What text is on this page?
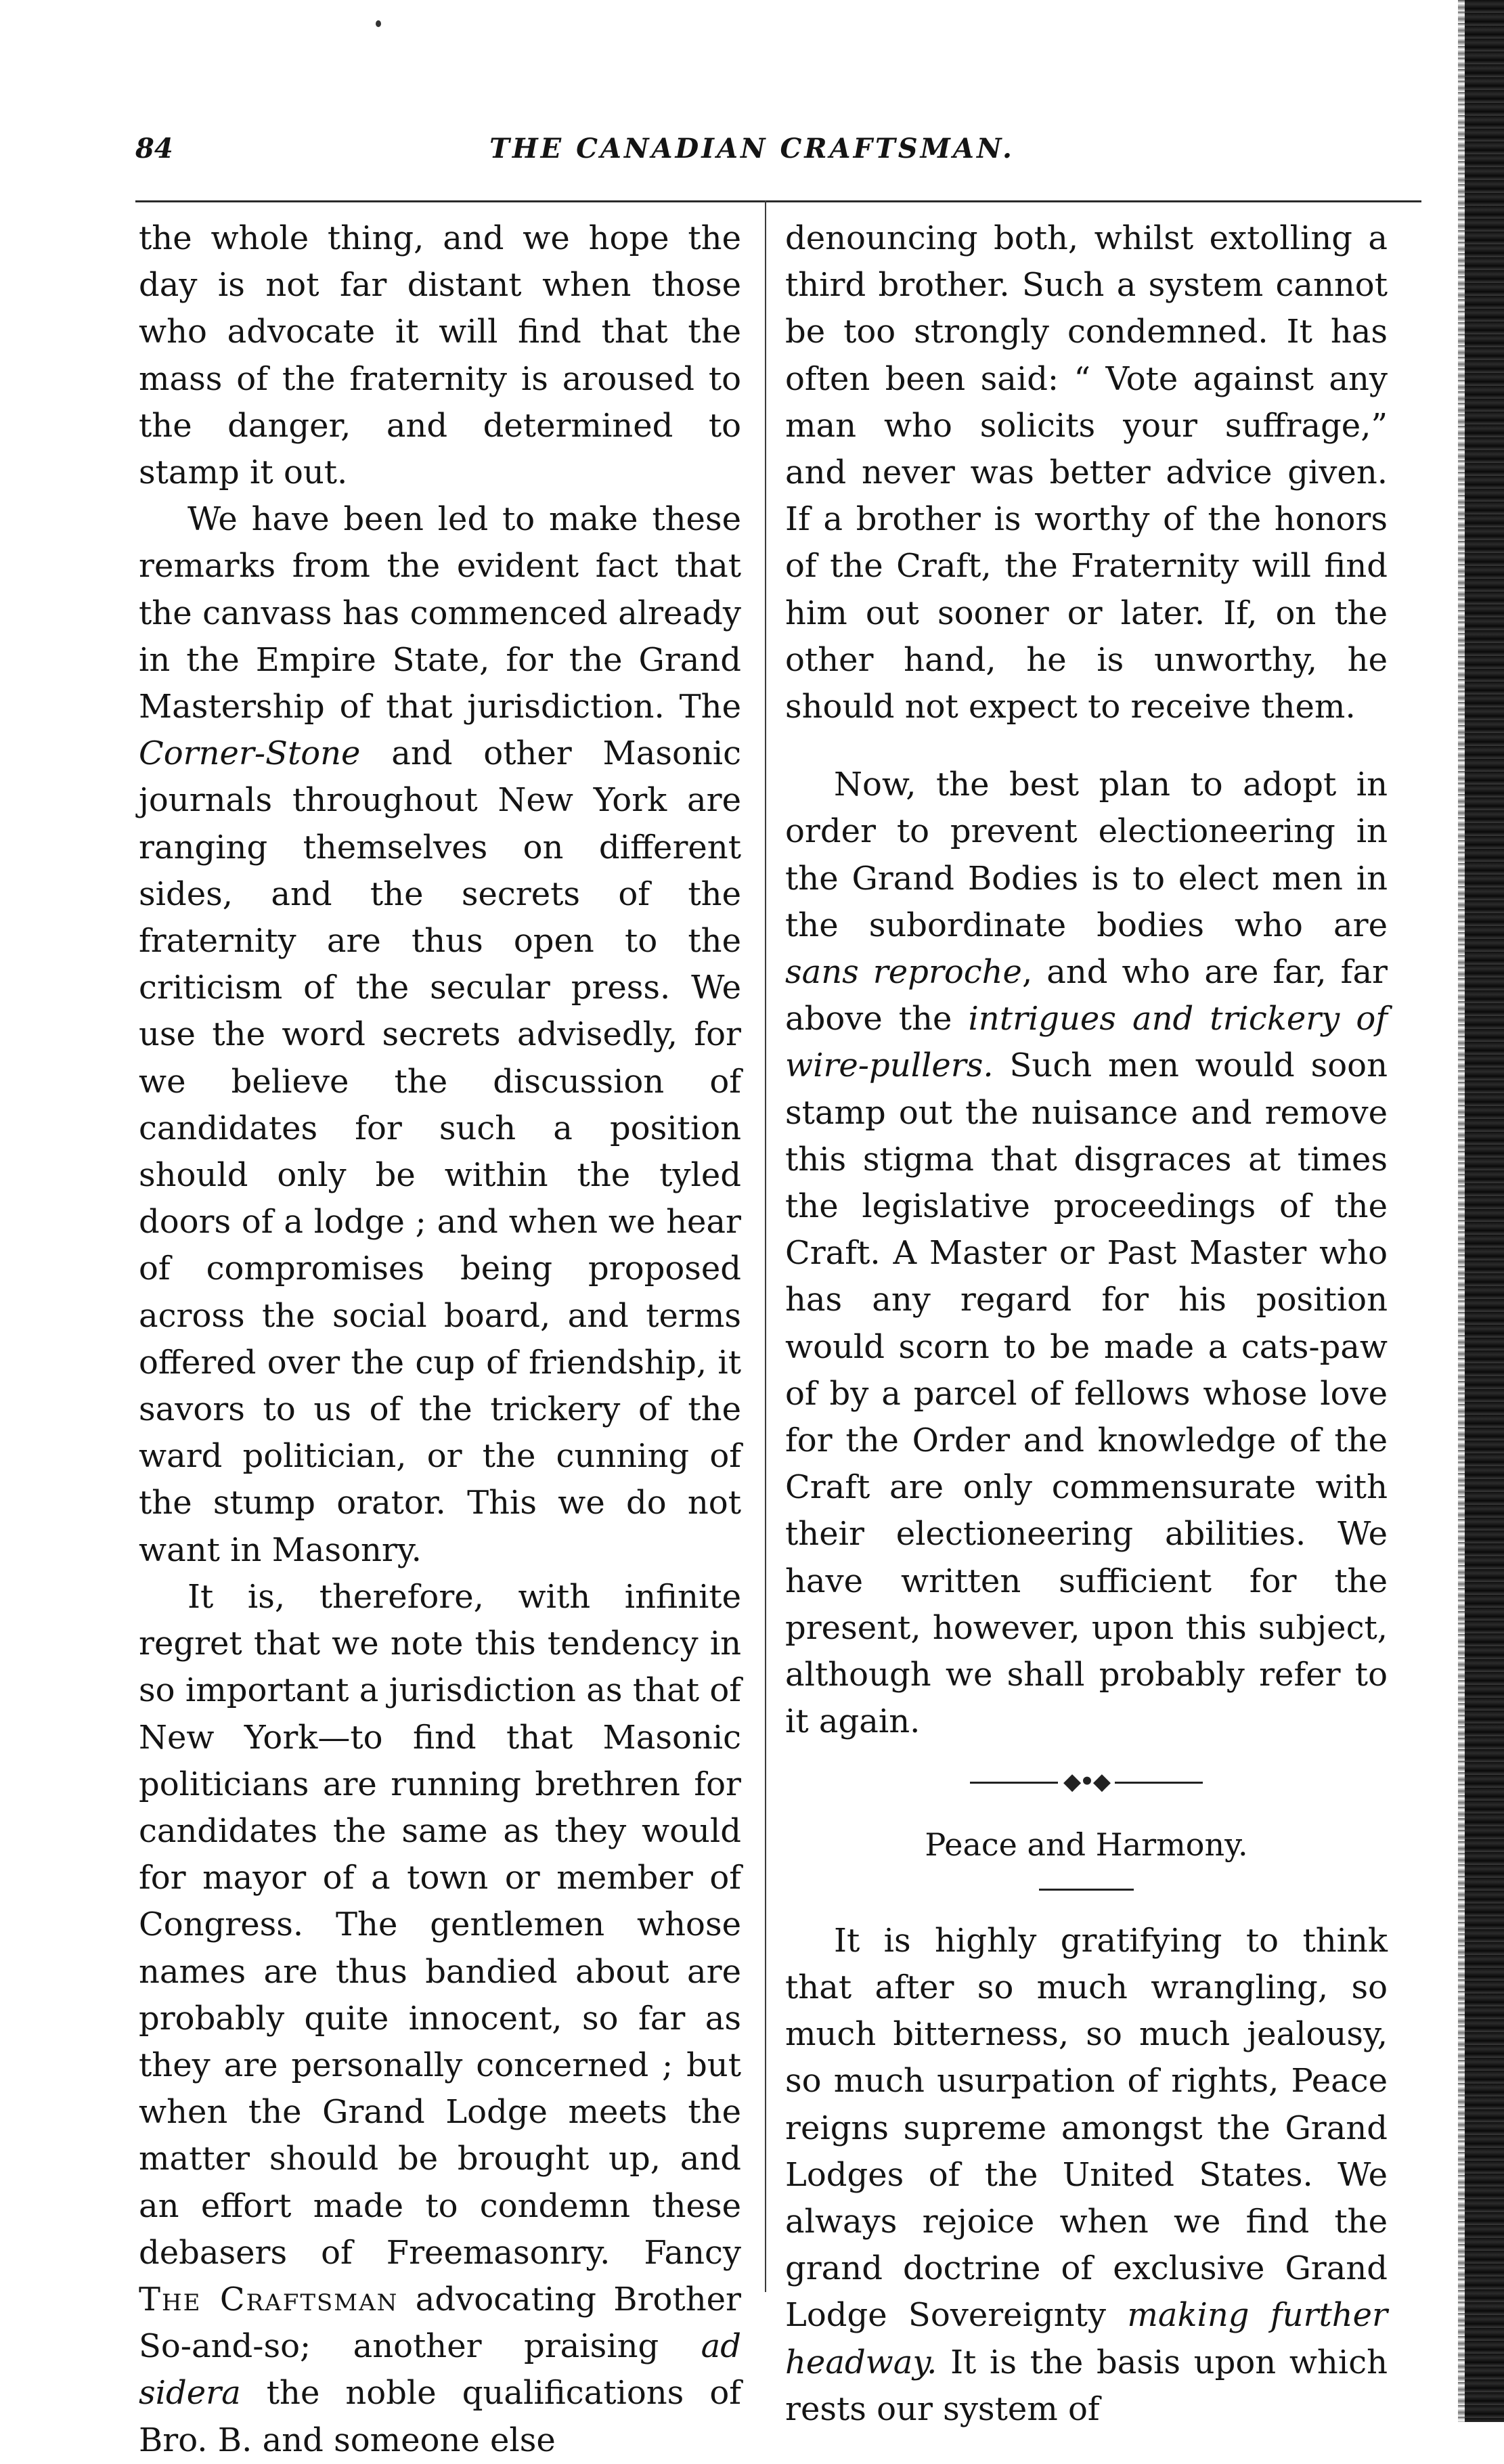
84	THE CANADIAN CRAFTSMAN.

the whole thing, and we hope the day is not far distant when those who advocate it will find that the mass of the fraternity is aroused to the danger, and determined to stamp it out.

We have been led to make these remarks from the evident fact that the canvass has commenced already in the Empire State, for the Grand Mastership of that jurisdiction. The Corner-Stone and other Masonic journals throughout New York are ranging themselves on different sides, and the secrets of the fraternity are thus open to the criticism of the secular press. We use the word secrets advisedly, for we believe the discussion of candidates for such a position should only be within the tyled doors of a lodge ; and when we hear of compromises being proposed across the social board, and terms offered over the cup of friendship, it savors to us of the trickery of the ward politician, or the cunning of the stump orator. This we do not want in Masonry.

It is, therefore, with infinite regret that we note this tendency in so important a jurisdiction as that of New York—to find that Masonic politicians are running brethren for candidates the same as they would for mayor of a town or member of Congress. The gentlemen whose names are thus bandied about are probably quite innocent, so far as they are personally concerned ; but when the Grand Lodge meets the matter should be brought up, and an effort made to condemn these debasers of Freemasonry. Fancy The Craftsman advocating Brother So-and-so; another praising ad sidera the noble qualifications of Bro. B. and someone else

denouncing both, whilst extolling a third brother. Such a system cannot be too strongly condemned. It has often been said: “ Vote against any man who solicits your suffrage,” and never was better advice given. If a brother is worthy of the honors of the Craft, the Fraternity will find him out sooner or later. If, on the other hand, he is unworthy, he should not expect to receive them.

Now, the best plan to adopt in order to prevent electioneering in the Grand Bodies is to elect men in the subordinate bodies who are sans reproche, and who are far, far above the intrigues and trickery of wire-pullers. Such men would soon stamp out the nuisance and remove this stigma that disgraces at times the legislative proceedings of the Craft. A Master or Past Master who has any regard for his position would scorn to be made a cats-paw of by a parcel of fellows whose love for the Order and knowledge of the Craft are only commensurate with their electioneering abilities. We have written sufficient for the present, however, upon this subject, although we shall probably refer to it again.

◆•◆
Peace and Harmony.

It is highly gratifying to think that after so much wrangling, so much bitterness, so much jealousy, so much usurpation of rights, Peace reigns supreme amongst the Grand Lodges of the United States. We always rejoice when we find the grand doctrine of exclusive Grand Lodge Sovereignty making further headway. It is the basis upon which rests our system of
